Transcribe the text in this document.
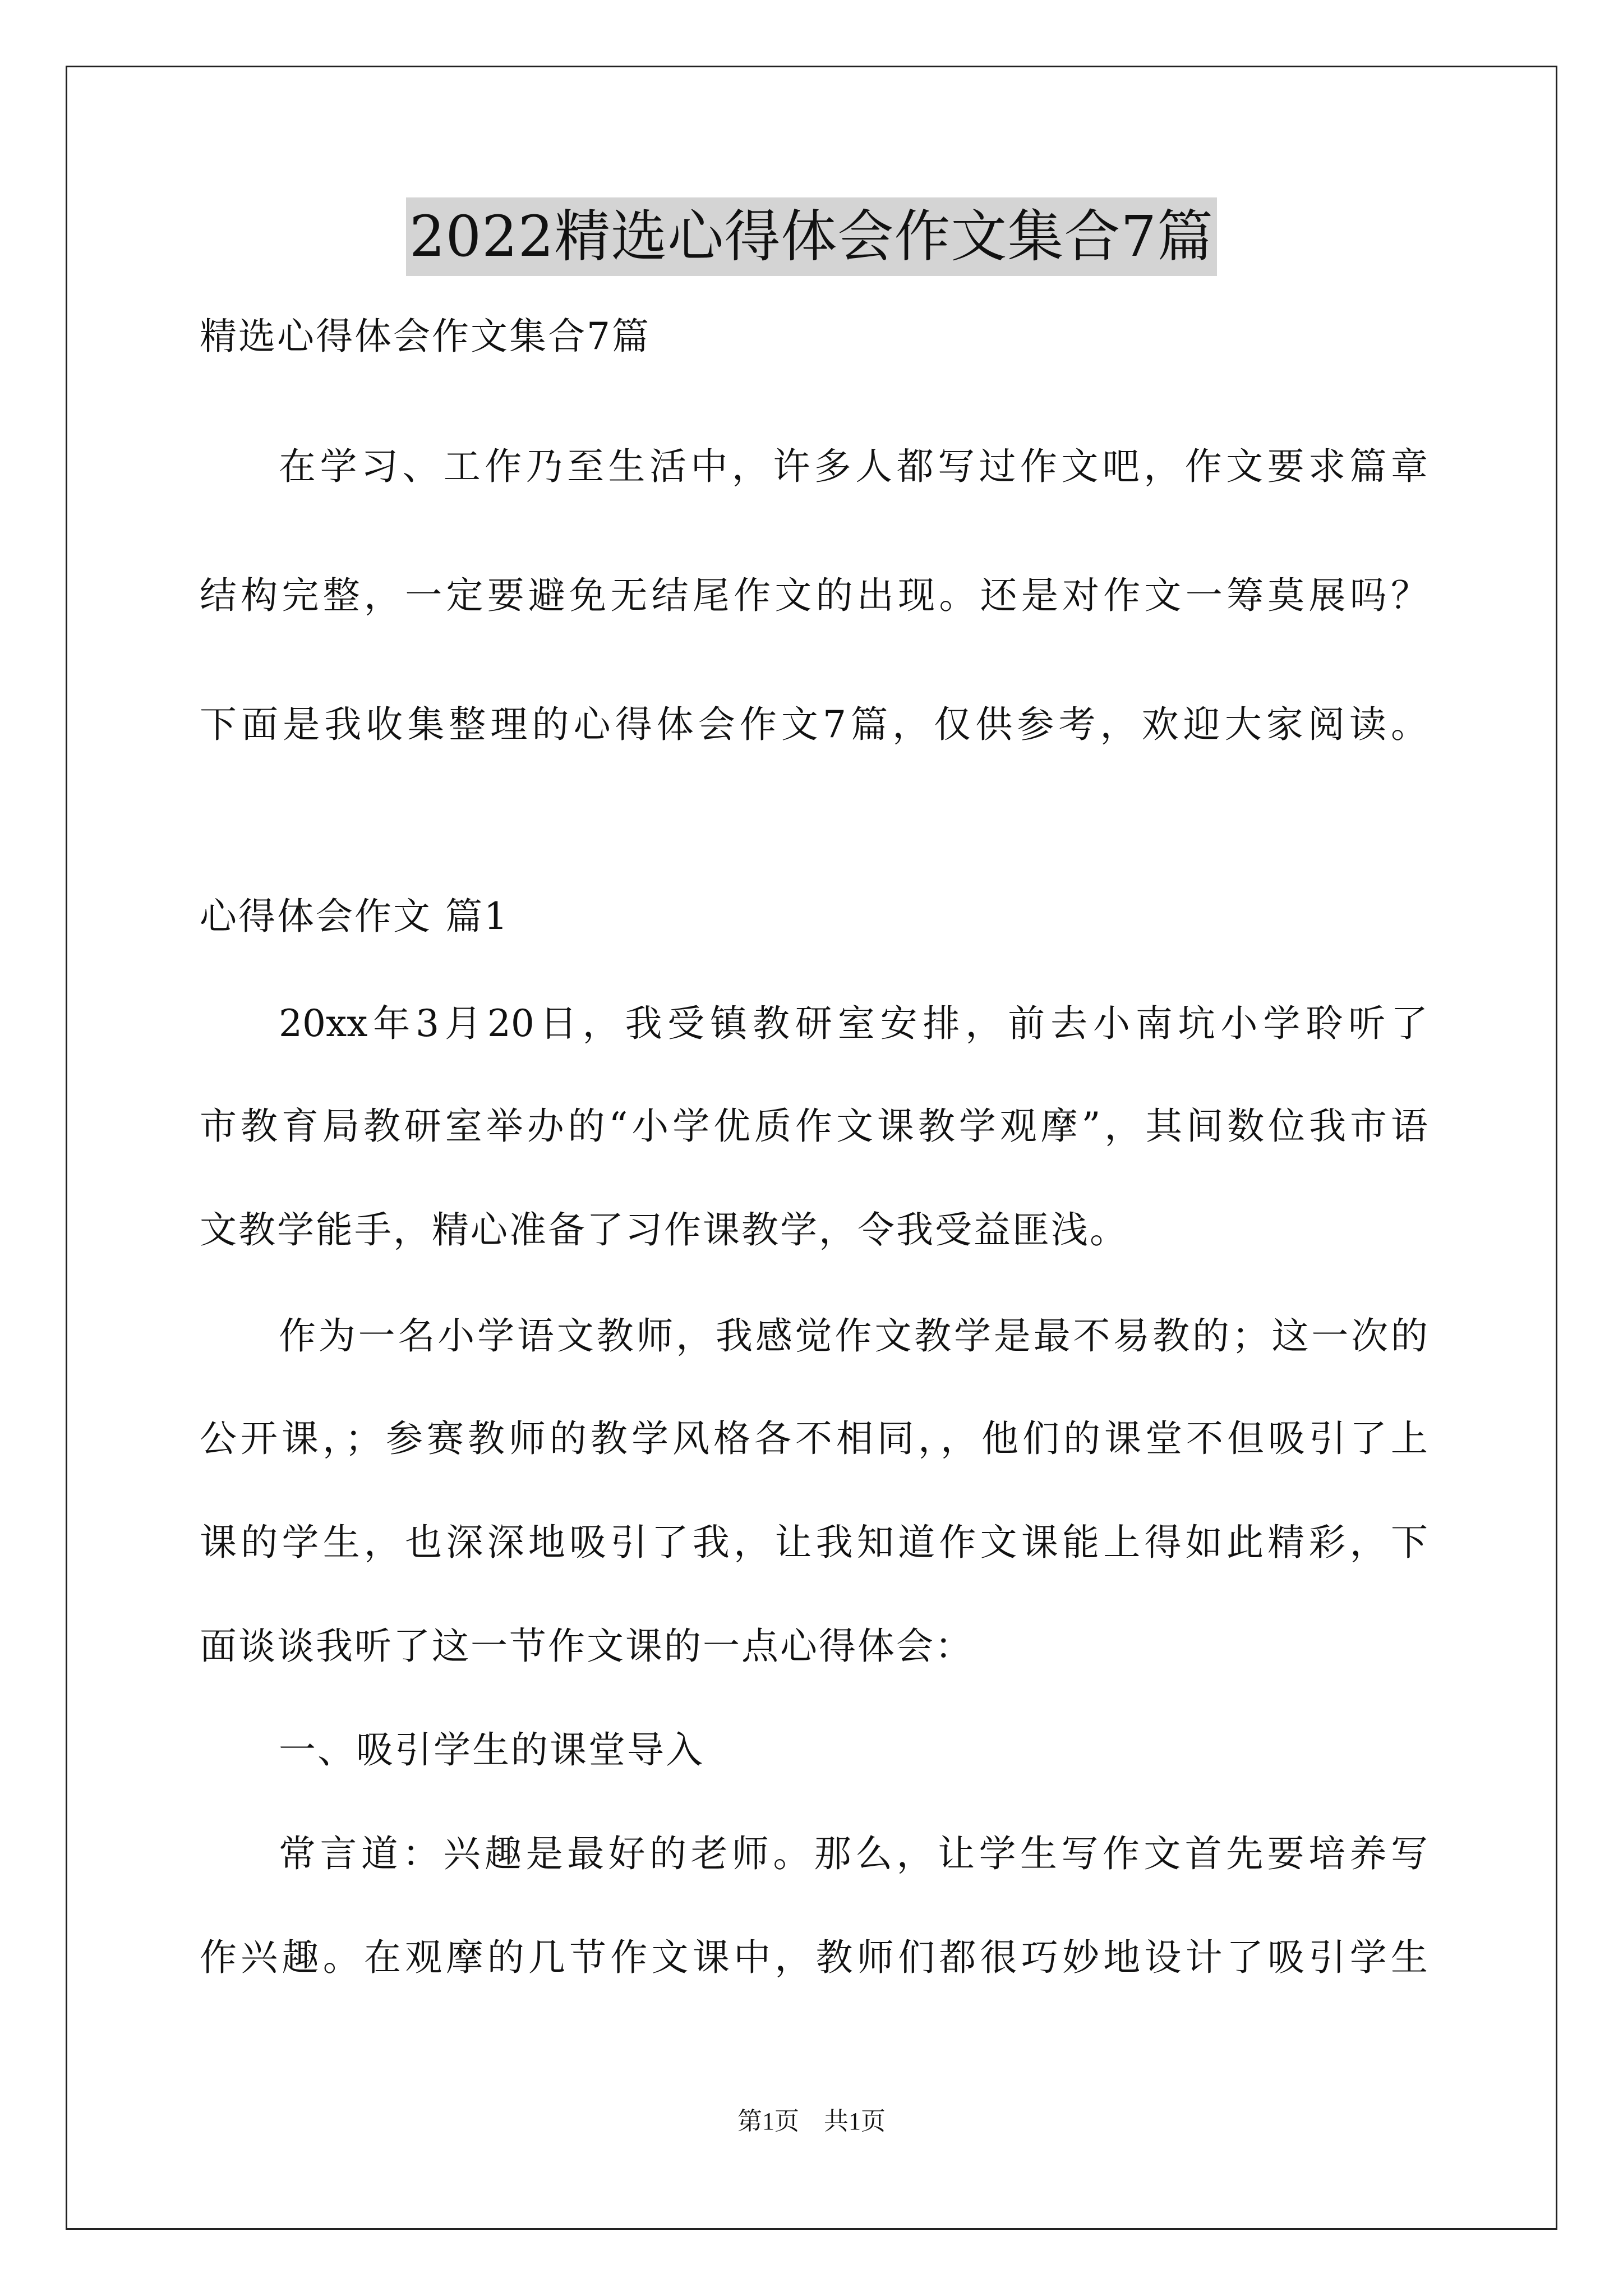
2022精选心得体会作文集合7篇
精选心得体会作文集合7篇
在学习、工作乃至生活中，许多人都写过作文吧，作文要求篇章
结构完整，一定要避免无结尾作文的出现。还是对作文一筹莫展吗？
下面是我收集整理的心得体会作文7篇，仅供参考，欢迎大家阅读。
心得体会作文 篇1
20xx年3月20日，我受镇教研室安排，前去小南坑小学聆听了
市教育局教研室举办的“小学优质作文课教学观摩”，其间数位我市语
文教学能手，精心准备了习作课教学，令我受益匪浅。
作为一名小学语文教师，我感觉作文教学是最不易教的；这一次的
公开课，；参赛教师的教学风格各不相同，，他们的课堂不但吸引了上
课的学生，也深深地吸引了我，让我知道作文课能上得如此精彩，下
面谈谈我听了这一节作文课的一点心得体会：
一、吸引学生的课堂导入
常言道：兴趣是最好的老师。那么，让学生写作文首先要培养写
作兴趣。在观摩的几节作文课中，教师们都很巧妙地设计了吸引学生
第1页　共1页
